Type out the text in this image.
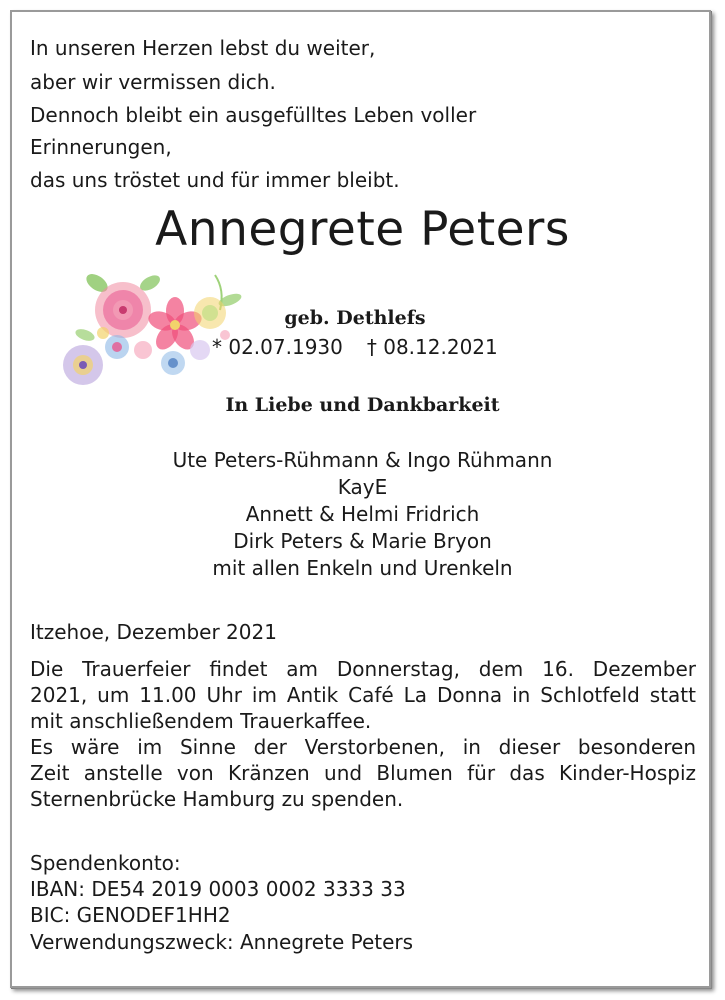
In unseren Herzen lebst du weiter,
aber wir vermissen dich.
Dennoch bleibt ein ausgefülltes Leben voller
Erinnerungen,
das uns tröstet und für immer bleibt.
Annegrete Peters
geb. Dethlefs
* 02.07.1930 † 08.12.2021
In Liebe und Dankbarkeit
Ute Peters-Rühmann & Ingo Rühmann
KayE
Annett & Helmi Fridrich
Dirk Peters & Marie Bryon
mit allen Enkeln und Urenkeln
Itzehoe, Dezember 2021
Die Trauerfeier findet am Donnerstag, dem 16. Dezember
2021, um 11.00 Uhr im Antik Café La Donna in Schlotfeld statt
mit anschließendem Trauerkaffee.
Es wäre im Sinne der Verstorbenen, in dieser besonderen
Zeit anstelle von Kränzen und Blumen für das Kinder-Hospiz
Sternenbrücke Hamburg zu spenden.
Spendenkonto:
IBAN: DE54 2019 0003 0002 3333 33
BIC: GENODEF1HH2
Verwendungszweck: Annegrete Peters
